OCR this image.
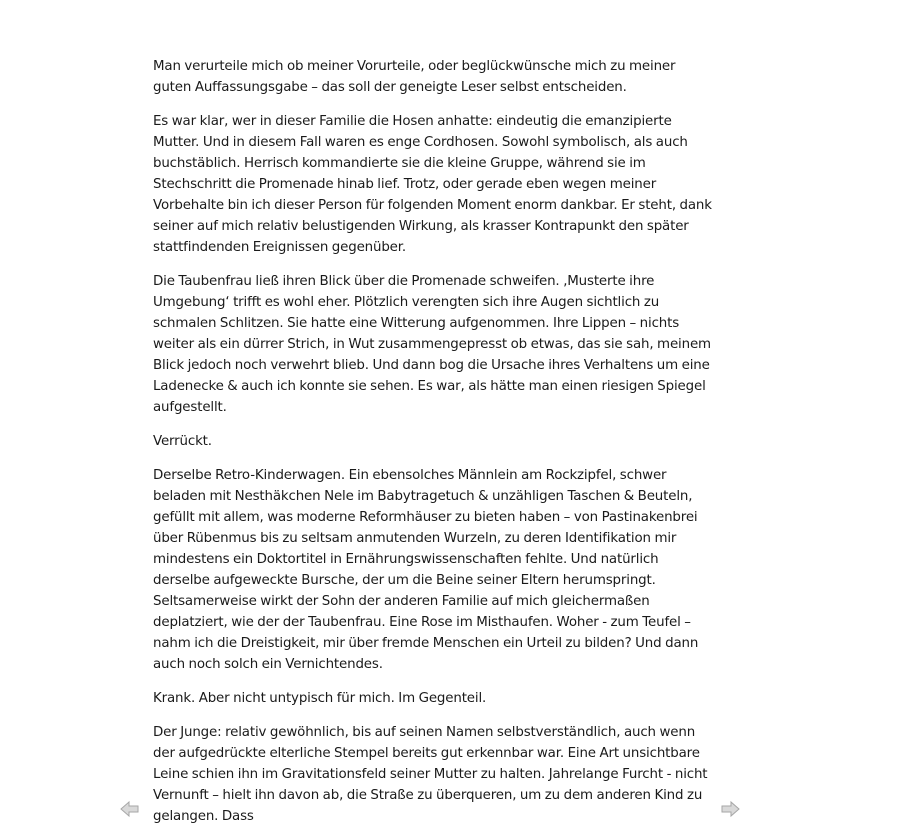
Man verurteile mich ob meiner Vorurteile, oder beglückwünsche mich zu meiner guten Auffassungsgabe – das soll der geneigte Leser selbst entscheiden.

Es war klar, wer in dieser Familie die Hosen anhatte: eindeutig die emanzipierte Mutter. Und in diesem Fall waren es enge Cordhosen. Sowohl symbolisch, als auch buchstäblich. Herrisch kommandierte sie die kleine Gruppe, während sie im Stechschritt die Promenade hinab lief. Trotz, oder gerade eben wegen meiner Vorbehalte bin ich dieser Person für folgenden Moment enorm dankbar. Er steht, dank seiner auf mich relativ belustigenden Wirkung, als krasser Kontrapunkt den später stattfindenden Ereignissen gegenüber.

Die Taubenfrau ließ ihren Blick über die Promenade schweifen. ‚Musterte ihre Umgebung‘ trifft es wohl eher. Plötzlich verengten sich ihre Augen sichtlich zu schmalen Schlitzen. Sie hatte eine Witterung aufgenommen. Ihre Lippen – nichts weiter als ein dürrer Strich, in Wut zusammengepresst ob etwas, das sie sah, meinem Blick jedoch noch verwehrt blieb. Und dann bog die Ursache ihres Verhaltens um eine Ladenecke & auch ich konnte sie sehen. Es war, als hätte man einen riesigen Spiegel aufgestellt.

Verrückt.

Derselbe Retro-Kinderwagen. Ein ebensolches Männlein am Rockzipfel, schwer beladen mit Nesthäkchen Nele im Babytragetuch & unzähligen Taschen & Beuteln, gefüllt mit allem, was moderne Reformhäuser zu bieten haben – von Pastinakenbrei über Rübenmus bis zu seltsam anmutenden Wurzeln, zu deren Identifikation mir mindestens ein Doktortitel in Ernährungswissenschaften fehlte. Und natürlich derselbe aufgeweckte Bursche, der um die Beine seiner Eltern herumspringt. Seltsamerweise wirkt der Sohn der anderen Familie auf mich gleichermaßen deplatziert, wie der der Taubenfrau. Eine Rose im Misthaufen. Woher - zum Teufel – nahm ich die Dreistigkeit, mir über fremde Menschen ein Urteil zu bilden? Und dann auch noch solch ein Vernichtendes.

Krank. Aber nicht untypisch für mich. Im Gegenteil.

Der Junge: relativ gewöhnlich, bis auf seinen Namen selbstverständlich, auch wenn der aufgedrückte elterliche Stempel bereits gut erkennbar war. Eine Art unsichtbare Leine schien ihn im Gravitationsfeld seiner Mutter zu halten. Jahrelange Furcht - nicht Vernunft – hielt ihn davon ab, die Straße zu überqueren, um zu dem anderen Kind zu gelangen. Dass
